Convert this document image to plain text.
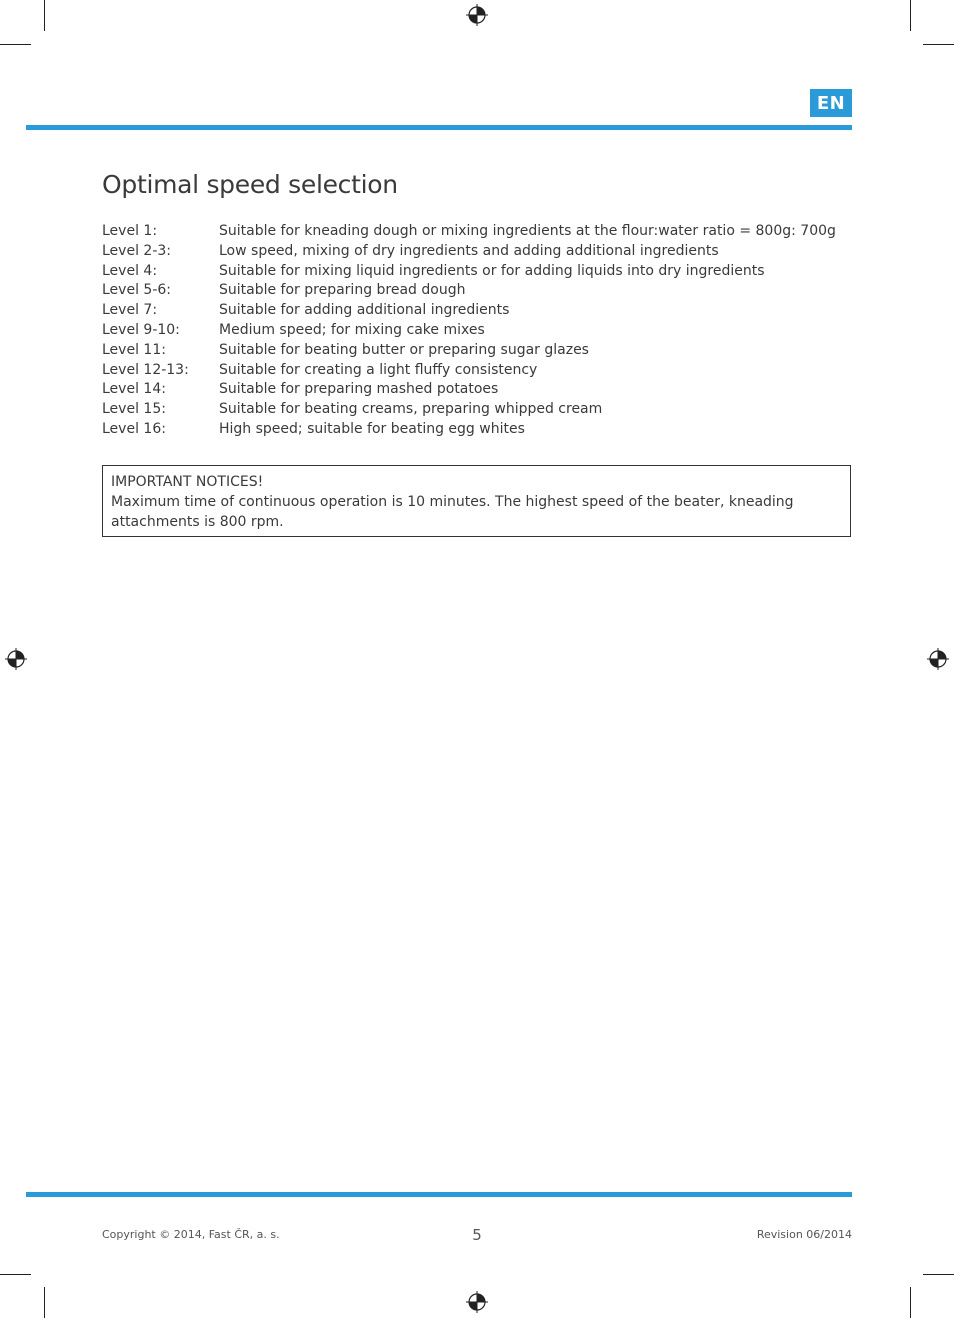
EN
Optimal speed selection
Level 1:	Suitable for kneading dough or mixing ingredients at the flour:water ratio = 800g: 700g
Level 2-3:	Low speed, mixing of dry ingredients and adding additional ingredients
Level 4:	Suitable for mixing liquid ingredients or for adding liquids into dry ingredients
Level 5-6:	Suitable for preparing bread dough
Level 7:	Suitable for adding additional ingredients
Level 9-10:	Medium speed; for mixing cake mixes
Level 11:	Suitable for beating butter or preparing sugar glazes
Level 12-13:	Suitable for creating a light fluffy consistency
Level 14:	Suitable for preparing mashed potatoes
Level 15:	Suitable for beating creams, preparing whipped cream
Level 16:	High speed; suitable for beating egg whites
IMPORTANT NOTICES!
Maximum time of continuous operation is 10 minutes. The highest speed of the beater, kneading attachments is 800 rpm.
Copyright © 2014, Fast ČR, a. s.	5	Revision 06/2014
